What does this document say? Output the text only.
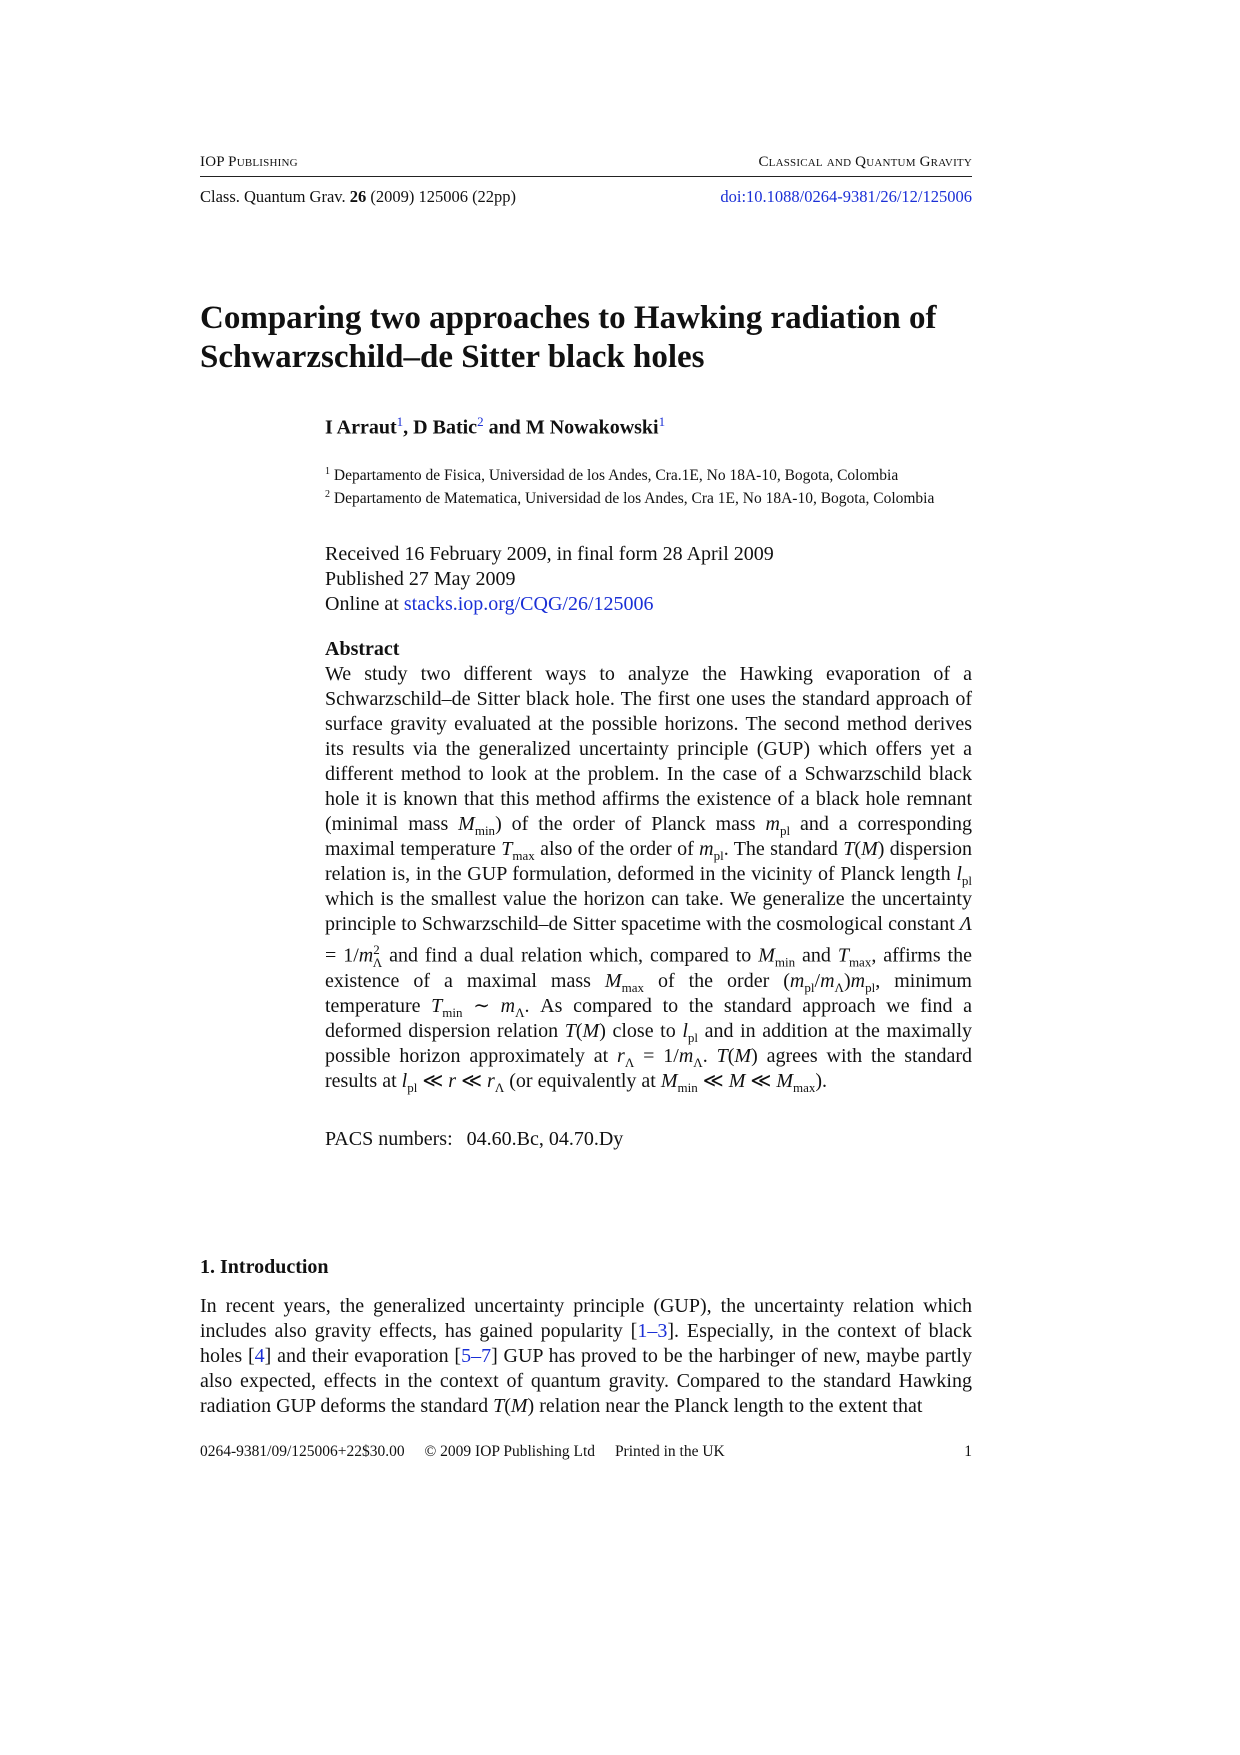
IOP Publishing	Classical and Quantum Gravity
Class. Quantum Grav. 26 (2009) 125006 (22pp)	doi:10.1088/0264-9381/26/12/125006
Comparing two approaches to Hawking radiation of
Schwarzschild–de Sitter black holes
I Arraut$^1$, D Batic$^2$ and M Nowakowski$^1$
$^1$ Departamento de Fisica, Universidad de los Andes, Cra.1E, No 18A-10, Bogota, Colombia
$^2$ Departamento de Matematica, Universidad de los Andes, Cra 1E, No 18A-10, Bogota, Colombia
Received 16 February 2009, in final form 28 April 2009
Published 27 May 2009
Online at stacks.iop.org/CQG/26/125006
Abstract
We study two different ways to analyze the Hawking evaporation of a Schwarzschild–de Sitter black hole. The first one uses the standard approach of surface gravity evaluated at the possible horizons. The second method derives its results via the generalized uncertainty principle (GUP) which offers yet a different method to look at the problem. In the case of a Schwarzschild black hole it is known that this method affirms the existence of a black hole remnant (minimal mass $M_{min}$) of the order of Planck mass $m_{pl}$ and a corresponding maximal temperature $T_{max}$ also of the order of $m_{pl}$. The standard T(M) dispersion relation is, in the GUP formulation, deformed in the vicinity of Planck length $l_{pl}$ which is the smallest value the horizon can take. We generalize the uncertainty principle to Schwarzschild–de Sitter spacetime with the cosmological constant $\Lambda = 1/m^2_\Lambda$ and find a dual relation which, compared to $M_{min}$ and $T_{max}$, affirms the existence of a maximal mass $M_{max}$ of the order $(m_{pl}/m_\Lambda)m_{pl}$, minimum temperature $T_{min}$ ∼ $m_\Lambda$. As compared to the standard approach we find a deformed dispersion relation T(M) close to $l_{pl}$ and in addition at the maximally possible horizon approximately at $r_\Lambda = 1/m_\Lambda$. T(M) agrees with the standard results at $l_{pl}$ ≪ r ≪ $r_\Lambda$ (or equivalently at $M_{min}$ ≪ M ≪ $M_{max}$).
PACS numbers: 04.60.Bc, 04.70.Dy
1. Introduction
In recent years, the generalized uncertainty principle (GUP), the uncertainty relation which includes also gravity effects, has gained popularity [1–3]. Especially, in the context of black holes [4] and their evaporation [5–7] GUP has proved to be the harbinger of new, maybe partly also expected, effects in the context of quantum gravity. Compared to the standard Hawking radiation GUP deforms the standard T(M) relation near the Planck length to the extent that
0264-9381/09/125006+22$30.00 © 2009 IOP Publishing Ltd Printed in the UK	1
